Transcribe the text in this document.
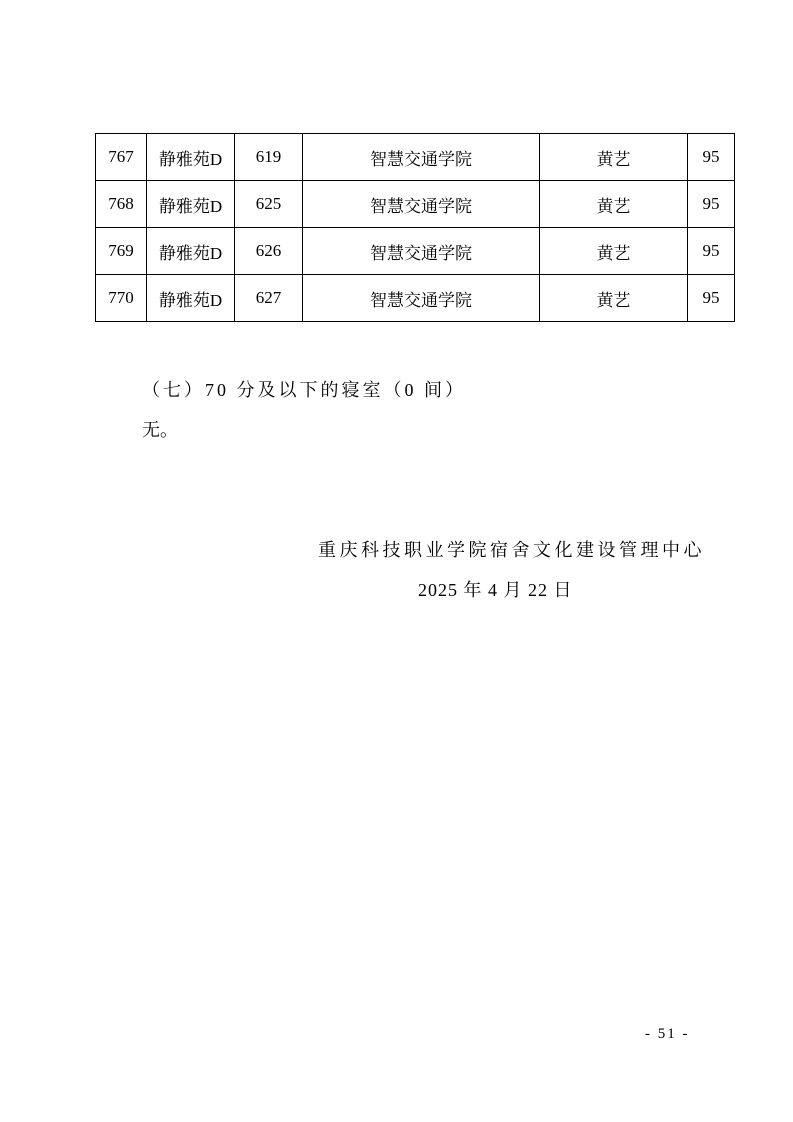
767	静雅苑D	619	智慧交通学院	黄艺	95
768	静雅苑D	625	智慧交通学院	黄艺	95
769	静雅苑D	626	智慧交通学院	黄艺	95
770	静雅苑D	627	智慧交通学院	黄艺	95

（七）70 分及以下的寝室（0 间）

无。

重庆科技职业学院宿舍文化建设管理中心

2025 年 4 月 22 日

- 51 -
